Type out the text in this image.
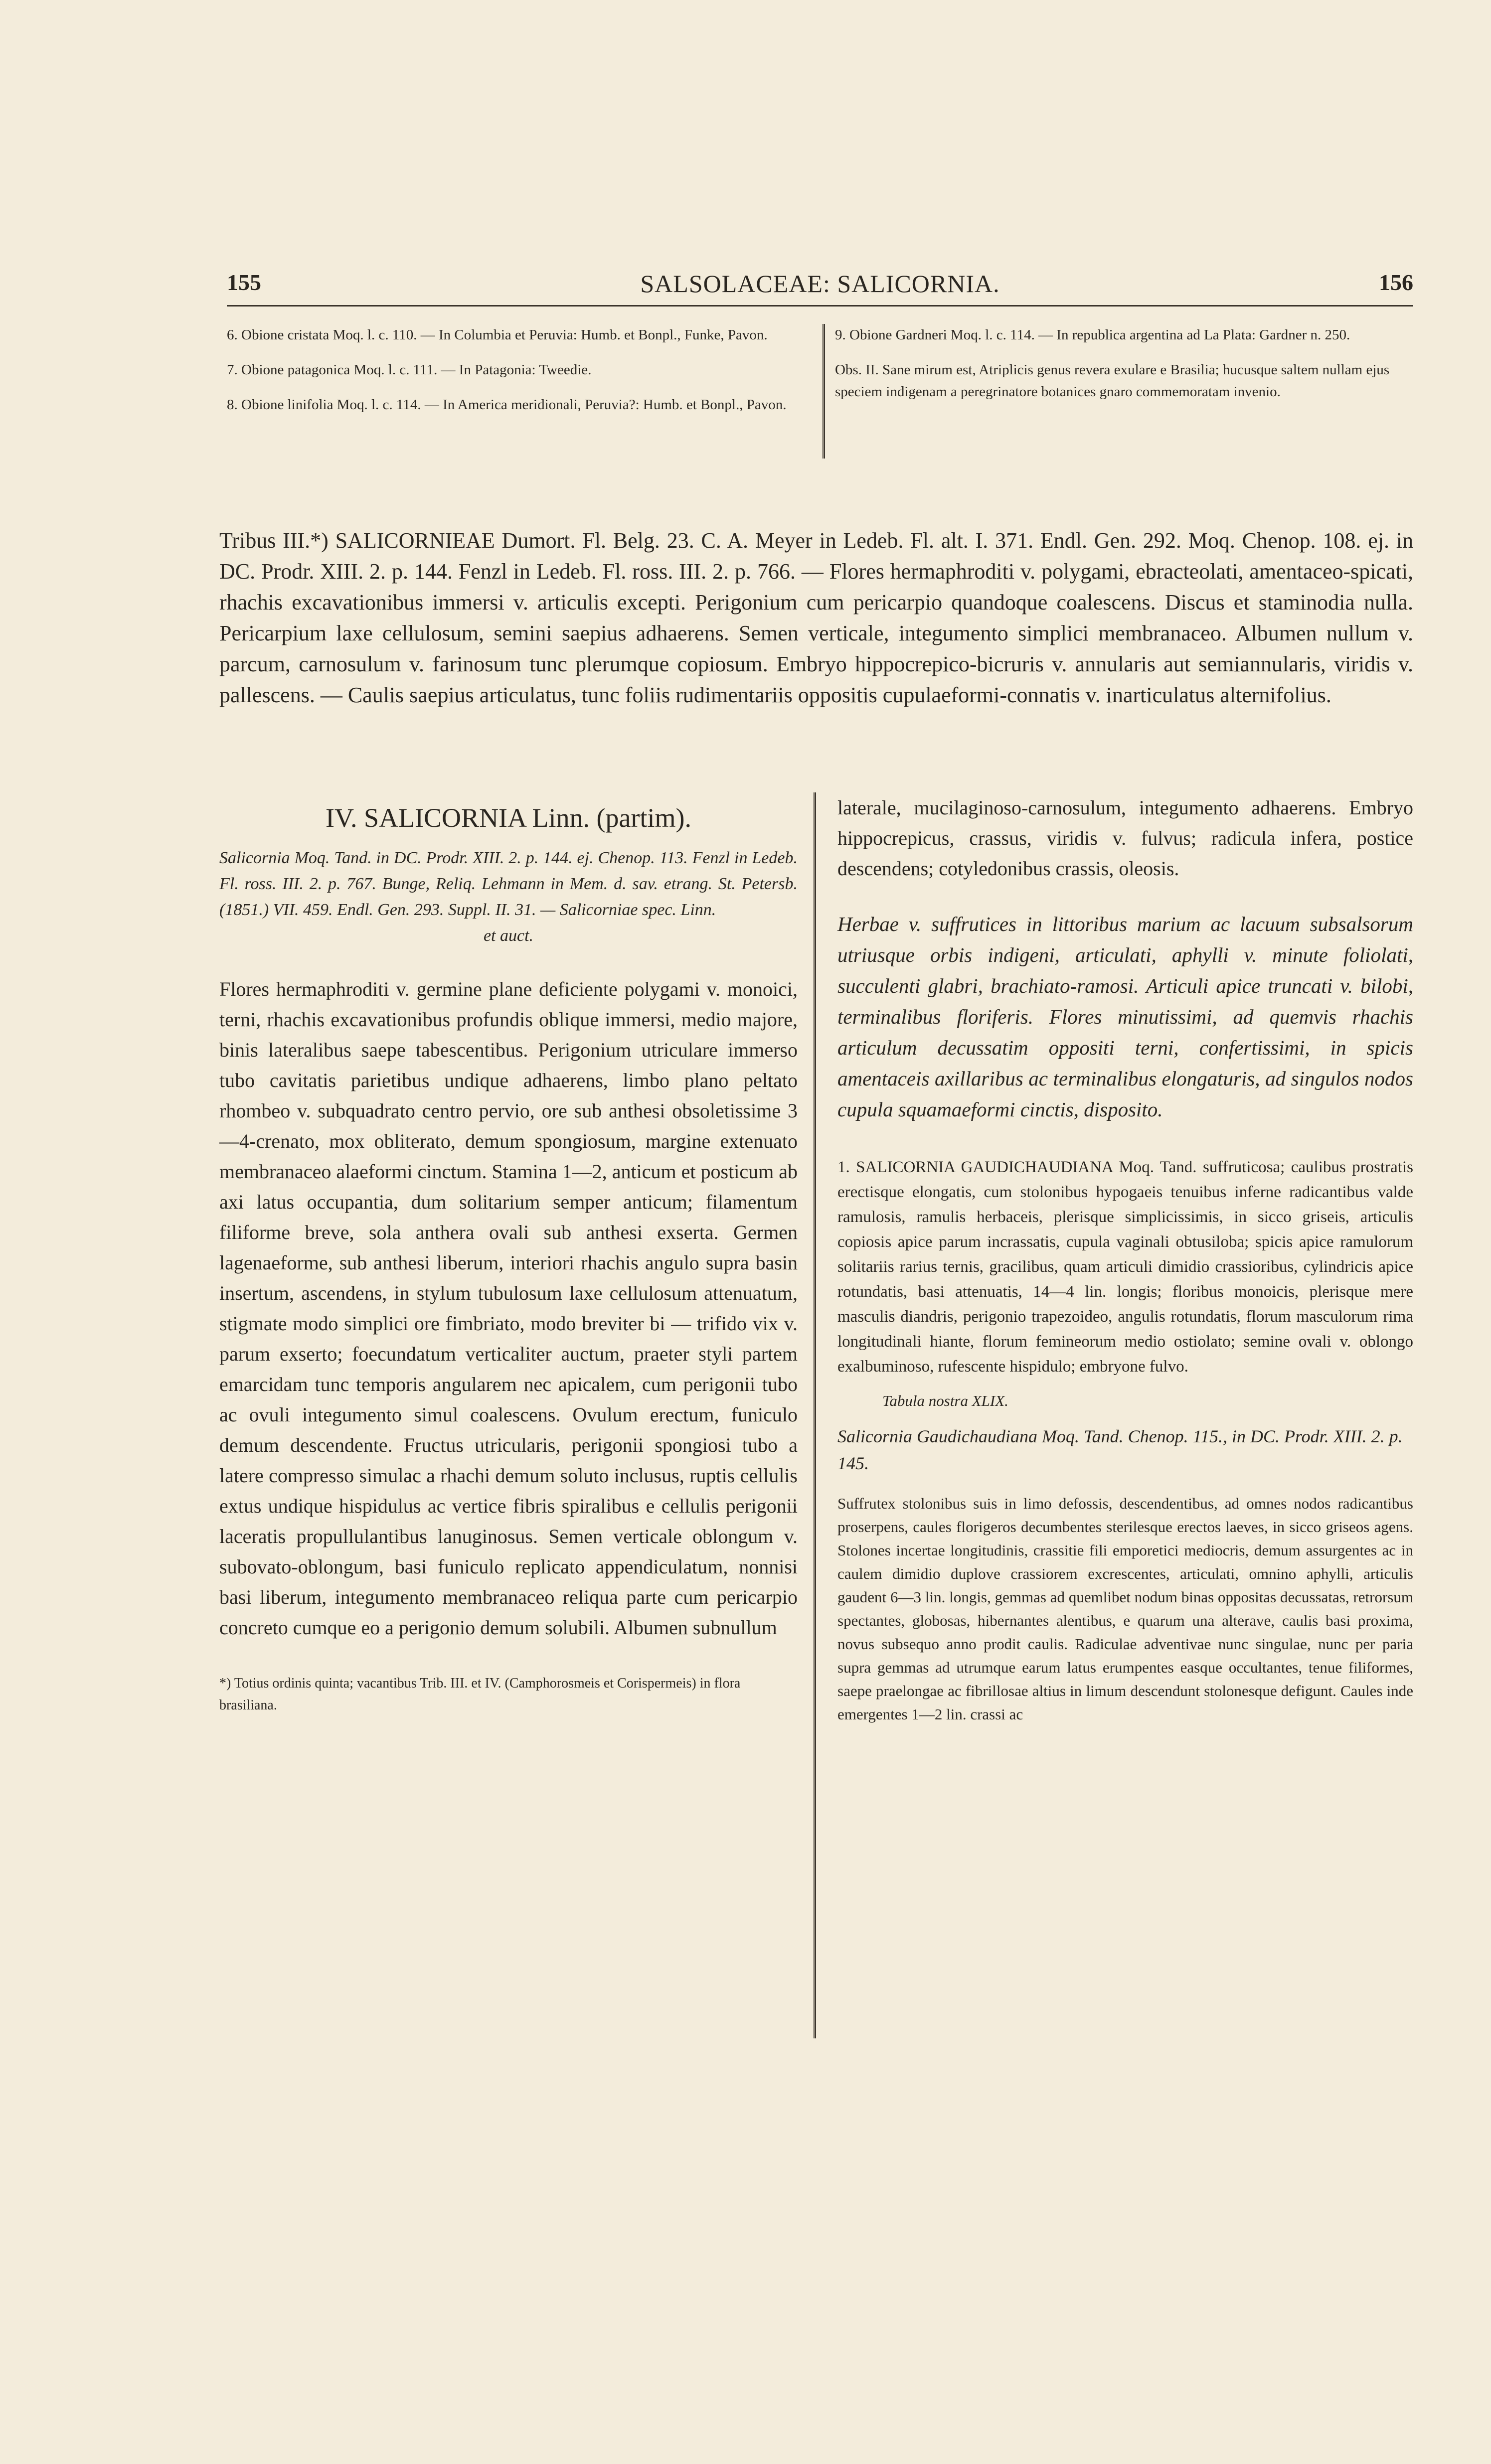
155	SALSOLACEAE: SALICORNIA.	156

6. Obione cristata Moq. l. c. 110. — In Columbia et Peruvia: Humb. et Bonpl., Funke, Pavon.

7. Obione patagonica Moq. l. c. 111. — In Patagonia: Tweedie.

8. Obione linifolia Moq. l. c. 114. — In America meridionali, Peruvia?: Humb. et Bonpl., Pavon.

9. Obione Gardneri Moq. l. c. 114. — In republica argentina ad La Plata: Gardner n. 250.

Obs. II. Sane mirum est, Atriplicis genus revera exulare e Brasilia; hucusque saltem nullam ejus speciem indigenam a peregrinatore botanices gnaro commemoratam invenio.

Tribus III.*) SALICORNIEAE Dumort. Fl. Belg. 23. C. A. Meyer in Ledeb. Fl. alt. I. 371. Endl. Gen. 292. Moq. Chenop. 108. ej. in DC. Prodr. XIII. 2. p. 144. Fenzl in Ledeb. Fl. ross. III. 2. p. 766. — Flores hermaphroditi v. polygami, ebracteolati, amentaceo-spicati, rhachis excavationibus immersi v. articulis excepti. Perigonium cum pericarpio quandoque coalescens. Discus et staminodia nulla. Pericarpium laxe cellulosum, semini saepius adhaerens. Semen verticale, integumento simplici membranaceo. Albumen nullum v. parcum, carnosulum v. farinosum tunc plerumque copiosum. Embryo hippocrepico-bicruris v. annularis aut semiannularis, viridis v. pallescens. — Caulis saepius articulatus, tunc foliis rudimentariis oppositis cupulaeformi-connatis v. inarticulatus alternifolius.

IV. SALICORNIA Linn. (partim).

Salicornia Moq. Tand. in DC. Prodr. XIII. 2. p. 144. ej. Chenop. 113. Fenzl in Ledeb. Fl. ross. III. 2. p. 767. Bunge, Reliq. Lehmann in Mem. d. sav. etrang. St. Petersb. (1851.) VII. 459. Endl. Gen. 293. Suppl. II. 31. — Salicorniae spec. Linn.
et auct.

Flores hermaphroditi v. germine plane deficiente polygami v. monoici, terni, rhachis excavationibus profundis oblique immersi, medio majore, binis lateralibus saepe tabescentibus. Perigonium utriculare immerso tubo cavitatis parietibus undique adhaerens, limbo plano peltato rhombeo v. subquadrato centro pervio, ore sub anthesi obsoletissime 3—4-crenato, mox obliterato, demum spongiosum, margine extenuato membranaceo alaeformi cinctum. Stamina 1—2, anticum et posticum ab axi latus occupantia, dum solitarium semper anticum; filamentum filiforme breve, sola anthera ovali sub anthesi exserta. Germen lagenaeforme, sub anthesi liberum, interiori rhachis angulo supra basin insertum, ascendens, in stylum tubulosum laxe cellulosum attenuatum, stigmate modo simplici ore fimbriato, modo breviter bi — trifido vix v. parum exserto; foecundatum verticaliter auctum, praeter styli partem emarcidam tunc temporis angularem nec apicalem, cum perigonii tubo ac ovuli integumento simul coalescens. Ovulum erectum, funiculo demum descendente. Fructus utricularis, perigonii spongiosi tubo a latere compresso simulac a rhachi demum soluto inclusus, ruptis cellulis extus undique hispidulus ac vertice fibris spiralibus e cellulis perigonii laceratis propullulantibus lanuginosus. Semen verticale oblongum v. subovato-oblongum, basi funiculo replicato appendiculatum, nonnisi basi liberum, integumento membranaceo reliqua parte cum pericarpio concreto cumque eo a perigonio demum solubili. Albumen subnullum

*) Totius ordinis quinta; vacantibus Trib. III. et IV. (Camphorosmeis et Corispermeis) in flora brasiliana.

laterale, mucilaginoso-carnosulum, integumento adhaerens. Embryo hippocrepicus, crassus, viridis v. fulvus; radicula infera, postice descendens; cotyledonibus crassis, oleosis.

Herbae v. suffrutices in littoribus marium ac lacuum subsalsorum utriusque orbis indigeni, articulati, aphylli v. minute foliolati, succulenti glabri, brachiato-ramosi. Articuli apice truncati v. bilobi, terminalibus floriferis. Flores minutissimi, ad quemvis rhachis articulum decussatim oppositi terni, confertissimi, in spicis amentaceis axillaribus ac terminalibus elongaturis, ad singulos nodos cupula squamaeformi cinctis, disposito.

1. SALICORNIA GAUDICHAUDIANA Moq. Tand. suffruticosa; caulibus prostratis erectisque elongatis, cum stolonibus hypogaeis tenuibus inferne radicantibus valde ramulosis, ramulis herbaceis, plerisque simplicissimis, in sicco griseis, articulis copiosis apice parum incrassatis, cupula vaginali obtusiloba; spicis apice ramulorum solitariis rarius ternis, gracilibus, quam articuli dimidio crassioribus, cylindricis apice rotundatis, basi attenuatis, 14—4 lin. longis; floribus monoicis, plerisque mere masculis diandris, perigonio trapezoideo, angulis rotundatis, florum masculorum rima longitudinali hiante, florum femineorum medio ostiolato; semine ovali v. oblongo exalbuminoso, rufescente hispidulo; embryone fulvo.

Tabula nostra XLIX.

Salicornia Gaudichaudiana Moq. Tand. Chenop. 115., in DC. Prodr. XIII. 2. p. 145.

Suffrutex stolonibus suis in limo defossis, descendentibus, ad omnes nodos radicantibus proserpens, caules florigeros decumbentes sterilesque erectos laeves, in sicco griseos agens. Stolones incertae longitudinis, crassitie fili emporetici mediocris, demum assurgentes ac in caulem dimidio duplove crassiorem excrescentes, articulati, omnino aphylli, articulis gaudent 6—3 lin. longis, gemmas ad quemlibet nodum binas oppositas decussatas, retrorsum spectantes, globosas, hibernantes alentibus, e quarum una alterave, caulis basi proxima, novus subsequo anno prodit caulis. Radiculae adventivae nunc singulae, nunc per paria supra gemmas ad utrumque earum latus erumpentes easque occultantes, tenue filiformes, saepe praelongae ac fibrillosae altius in limum descendunt stolonesque defigunt. Caules inde emergentes 1—2 lin. crassi ac
